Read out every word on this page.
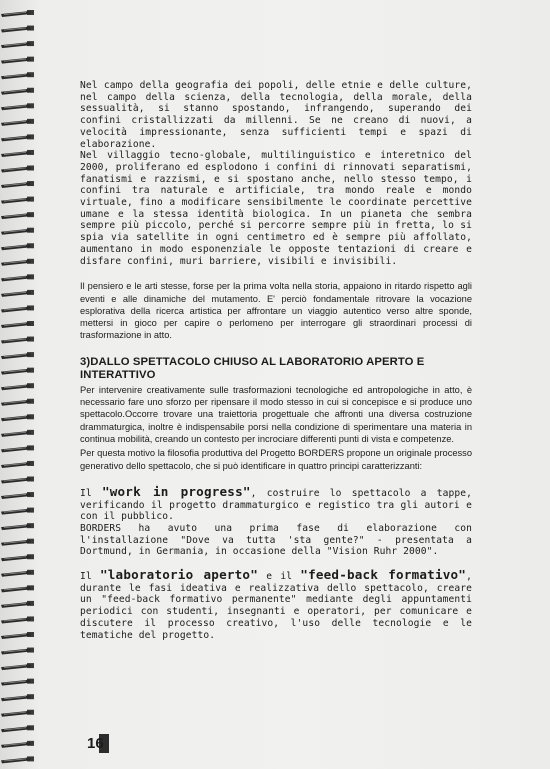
Nel campo della geografia dei popoli, delle etnie e delle culture, nel campo della scienza, della tecnologia, della morale, della sessualità, si stanno spostando, infrangendo, superando dei confini cristallizzati da millenni. Se ne creano di nuovi, a velocità impressionante, senza sufficienti tempi e spazi di elaborazione.

Nel villaggio tecno-globale, multilinguistico e interetnico del 2000, proliferano ed esplodono i confini di rinnovati separatismi, fanatismi e razzismi, e si spostano anche, nello stesso tempo, i confini tra naturale e artificiale, tra mondo reale e mondo virtuale, fino a modificare sensibilmente le coordinate percettive umane e la stessa identità biologica. In un pianeta che sembra sempre più piccolo, perché si percorre sempre più in fretta, lo si spia via satellite in ogni centimetro ed è sempre più affollato, aumentano in modo esponenziale le opposte tentazioni di creare e disfare confini, muri barriere, visibili e invisibili.

Il pensiero e le arti stesse, forse per la prima volta nella storia, appaiono in ritardo rispetto agli eventi e alle dinamiche del mutamento. E' perciò fondamentale ritrovare la vocazione esplorativa della ricerca artistica per affrontare un viaggio autentico verso altre sponde, mettersi in gioco per capire o perlomeno per interrogare gli straordinari processi di trasformazione in atto.

3)DALLO SPETTACOLO CHIUSO AL LABORATORIO APERTO E INTERATTIVO

Per intervenire creativamente sulle trasformazioni tecnologiche ed antropologiche in atto, è necessario fare uno sforzo per ripensare il modo stesso in cui si concepisce e si produce uno spettacolo.Occorre trovare una traiettoria progettuale che affronti una diversa costruzione drammaturgica, inoltre è indispensabile porsi nella condizione di sperimentare una materia in continua mobilità, creando un contesto per incrociare differenti punti di vista e competenze.

Per questa motivo la filosofia produttiva del Progetto BORDERS propone un originale processo generativo dello spettacolo, che si può identificare in quattro principi caratterizzanti:

Il "work in progress", costruire lo spettacolo a tappe, verificando il progetto drammaturgico e registico tra gli autori e con il pubblico.
BORDERS ha avuto una prima fase di elaborazione con l'installazione "Dove va tutta 'sta gente?" - presentata a Dortmund, in Germania, in occasione della "Vision Ruhr 2000".

Il "laboratorio aperto" e il "feed-back formativo", durante le fasi ideativa e realizzativa dello spettacolo, creare un "feed-back formativo permanente" mediante degli appuntamenti periodici con studenti, insegnanti e operatori, per comunicare e discutere il processo creativo, l'uso delle tecnologie e le tematiche del progetto.

16
